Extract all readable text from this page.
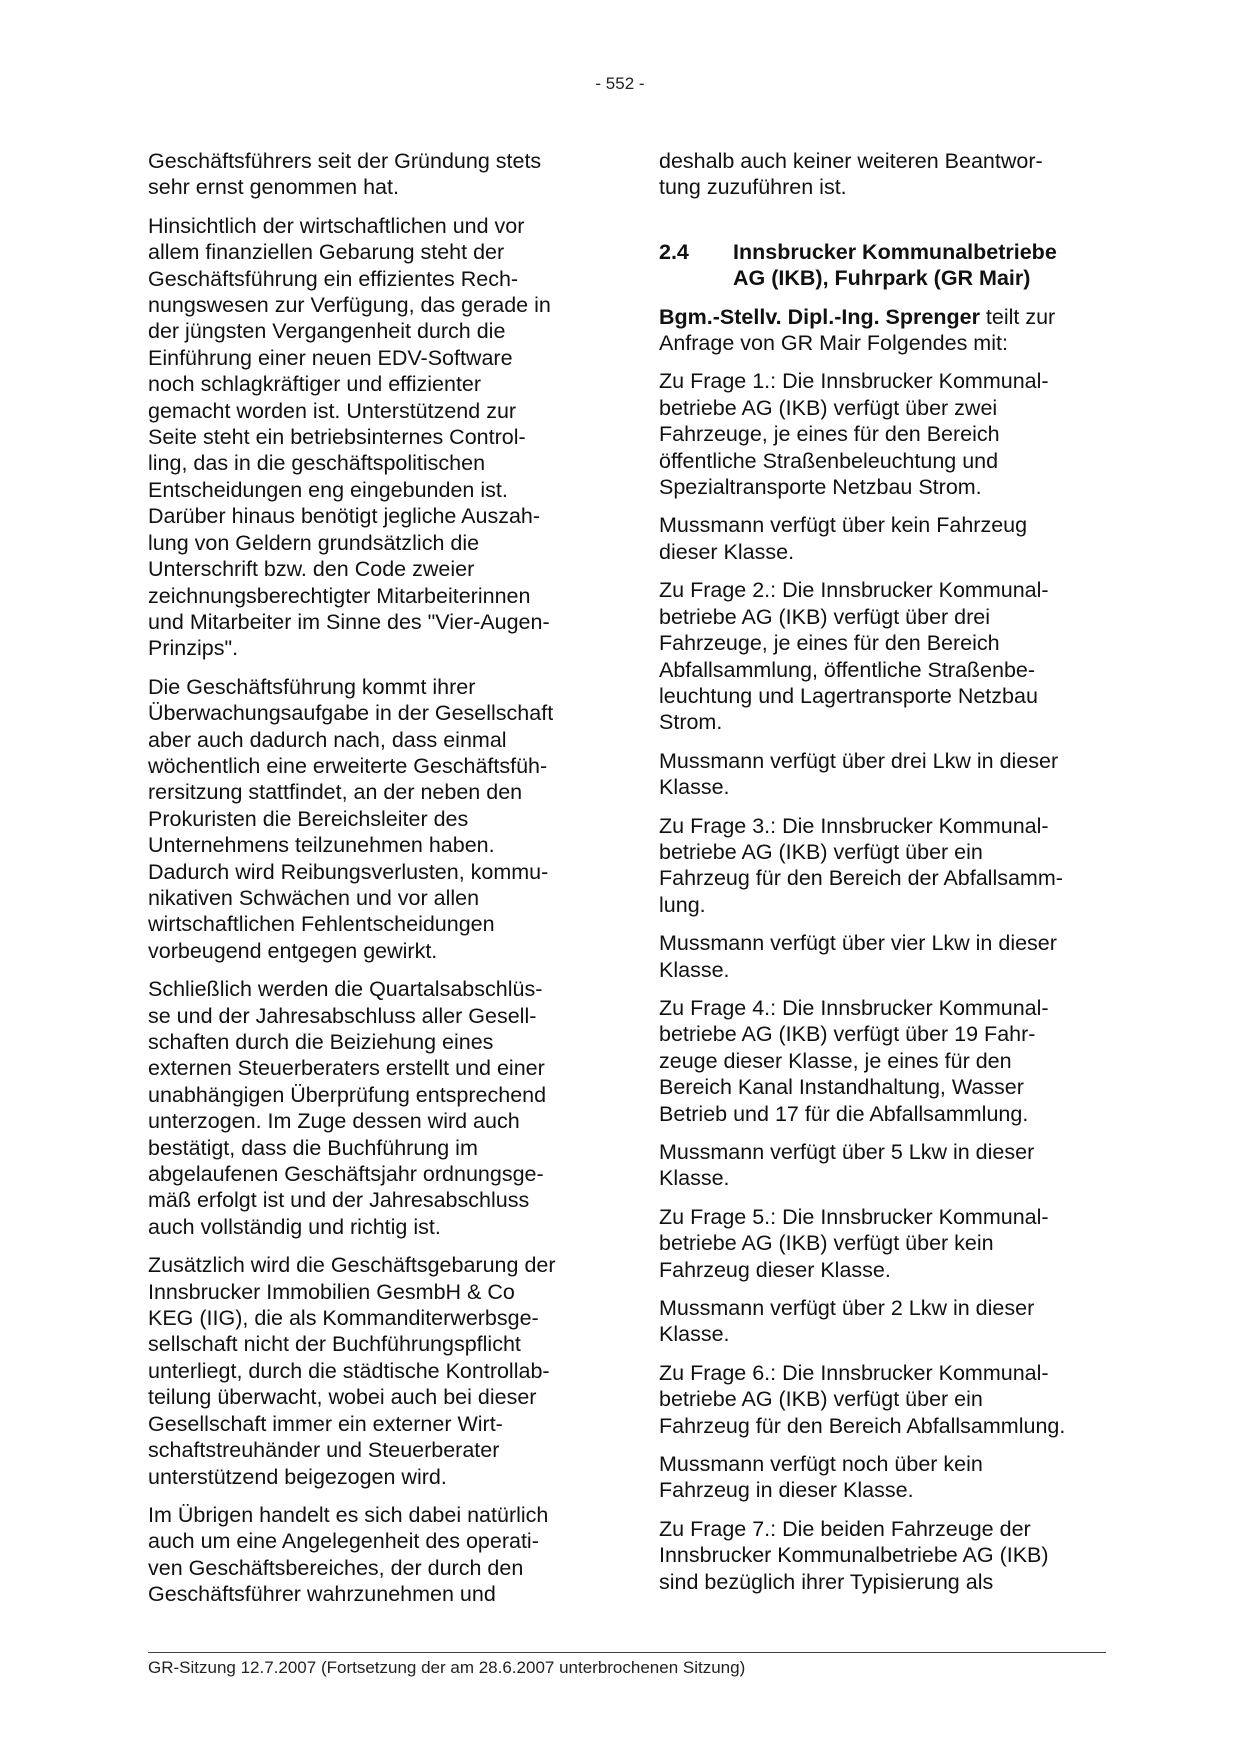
- 552 -

Geschäftsführers seit der Gründung stets
sehr ernst genommen hat.

Hinsichtlich der wirtschaftlichen und vor
allem finanziellen Gebarung steht der
Geschäftsführung ein effizientes Rech-
nungswesen zur Verfügung, das gerade in
der jüngsten Vergangenheit durch die
Einführung einer neuen EDV-Software
noch schlagkräftiger und effizienter
gemacht worden ist. Unterstützend zur
Seite steht ein betriebsinternes Control-
ling, das in die geschäftspolitischen
Entscheidungen eng eingebunden ist.
Darüber hinaus benötigt jegliche Auszah-
lung von Geldern grundsätzlich die
Unterschrift bzw. den Code zweier
zeichnungsberechtigter Mitarbeiterinnen
und Mitarbeiter im Sinne des "Vier-Augen-
Prinzips".

Die Geschäftsführung kommt ihrer
Überwachungsaufgabe in der Gesellschaft
aber auch dadurch nach, dass einmal
wöchentlich eine erweiterte Geschäftsfüh-
rersitzung stattfindet, an der neben den
Prokuristen die Bereichsleiter des
Unternehmens teilzunehmen haben.
Dadurch wird Reibungsverlusten, kommu-
nikativen Schwächen und vor allen
wirtschaftlichen Fehlentscheidungen
vorbeugend entgegen gewirkt.

Schließlich werden die Quartalsabschlüs-
se und der Jahresabschluss aller Gesell-
schaften durch die Beiziehung eines
externen Steuerberaters erstellt und einer
unabhängigen Überprüfung entsprechend
unterzogen. Im Zuge dessen wird auch
bestätigt, dass die Buchführung im
abgelaufenen Geschäftsjahr ordnungsge-
mäß erfolgt ist und der Jahresabschluss
auch vollständig und richtig ist.

Zusätzlich wird die Geschäftsgebarung der
Innsbrucker Immobilien GesmbH & Co
KEG (IIG), die als Kommanditerwerbsge-
sellschaft nicht der Buchführungspflicht
unterliegt, durch die städtische Kontrollab-
teilung überwacht, wobei auch bei dieser
Gesellschaft immer ein externer Wirt-
schaftstreuhänder und Steuerberater
unterstützend beigezogen wird.

Im Übrigen handelt es sich dabei natürlich
auch um eine Angelegenheit des operati-
ven Geschäftsbereiches, der durch den
Geschäftsführer wahrzunehmen und

deshalb auch keiner weiteren Beantwor-
tung zuzuführen ist.

2.4	Innsbrucker Kommunalbetriebe
AG (IKB), Fuhrpark (GR Mair)

Bgm.-Stellv. Dipl.-Ing. Sprenger teilt zur
Anfrage von GR Mair Folgendes mit:

Zu Frage 1.: Die Innsbrucker Kommunal-
betriebe AG (IKB) verfügt über zwei
Fahrzeuge, je eines für den Bereich
öffentliche Straßenbeleuchtung und
Spezialtransporte Netzbau Strom.

Mussmann verfügt über kein Fahrzeug
dieser Klasse.

Zu Frage 2.: Die Innsbrucker Kommunal-
betriebe AG (IKB) verfügt über drei
Fahrzeuge, je eines für den Bereich
Abfallsammlung, öffentliche Straßenbe-
leuchtung und Lagertransporte Netzbau
Strom.

Mussmann verfügt über drei Lkw in dieser
Klasse.

Zu Frage 3.: Die Innsbrucker Kommunal-
betriebe AG (IKB) verfügt über ein
Fahrzeug für den Bereich der Abfallsamm-
lung.

Mussmann verfügt über vier Lkw in dieser
Klasse.

Zu Frage 4.: Die Innsbrucker Kommunal-
betriebe AG (IKB) verfügt über 19 Fahr-
zeuge dieser Klasse, je eines für den
Bereich Kanal Instandhaltung, Wasser
Betrieb und 17 für die Abfallsammlung.

Mussmann verfügt über 5 Lkw in dieser
Klasse.

Zu Frage 5.: Die Innsbrucker Kommunal-
betriebe AG (IKB) verfügt über kein
Fahrzeug dieser Klasse.

Mussmann verfügt über 2 Lkw in dieser
Klasse.

Zu Frage 6.: Die Innsbrucker Kommunal-
betriebe AG (IKB) verfügt über ein
Fahrzeug für den Bereich Abfallsammlung.

Mussmann verfügt noch über kein
Fahrzeug in dieser Klasse.

Zu Frage 7.: Die beiden Fahrzeuge der
Innsbrucker Kommunalbetriebe AG (IKB)
sind bezüglich ihrer Typisierung als

GR-Sitzung 12.7.2007 (Fortsetzung der am 28.6.2007 unterbrochenen Sitzung)
